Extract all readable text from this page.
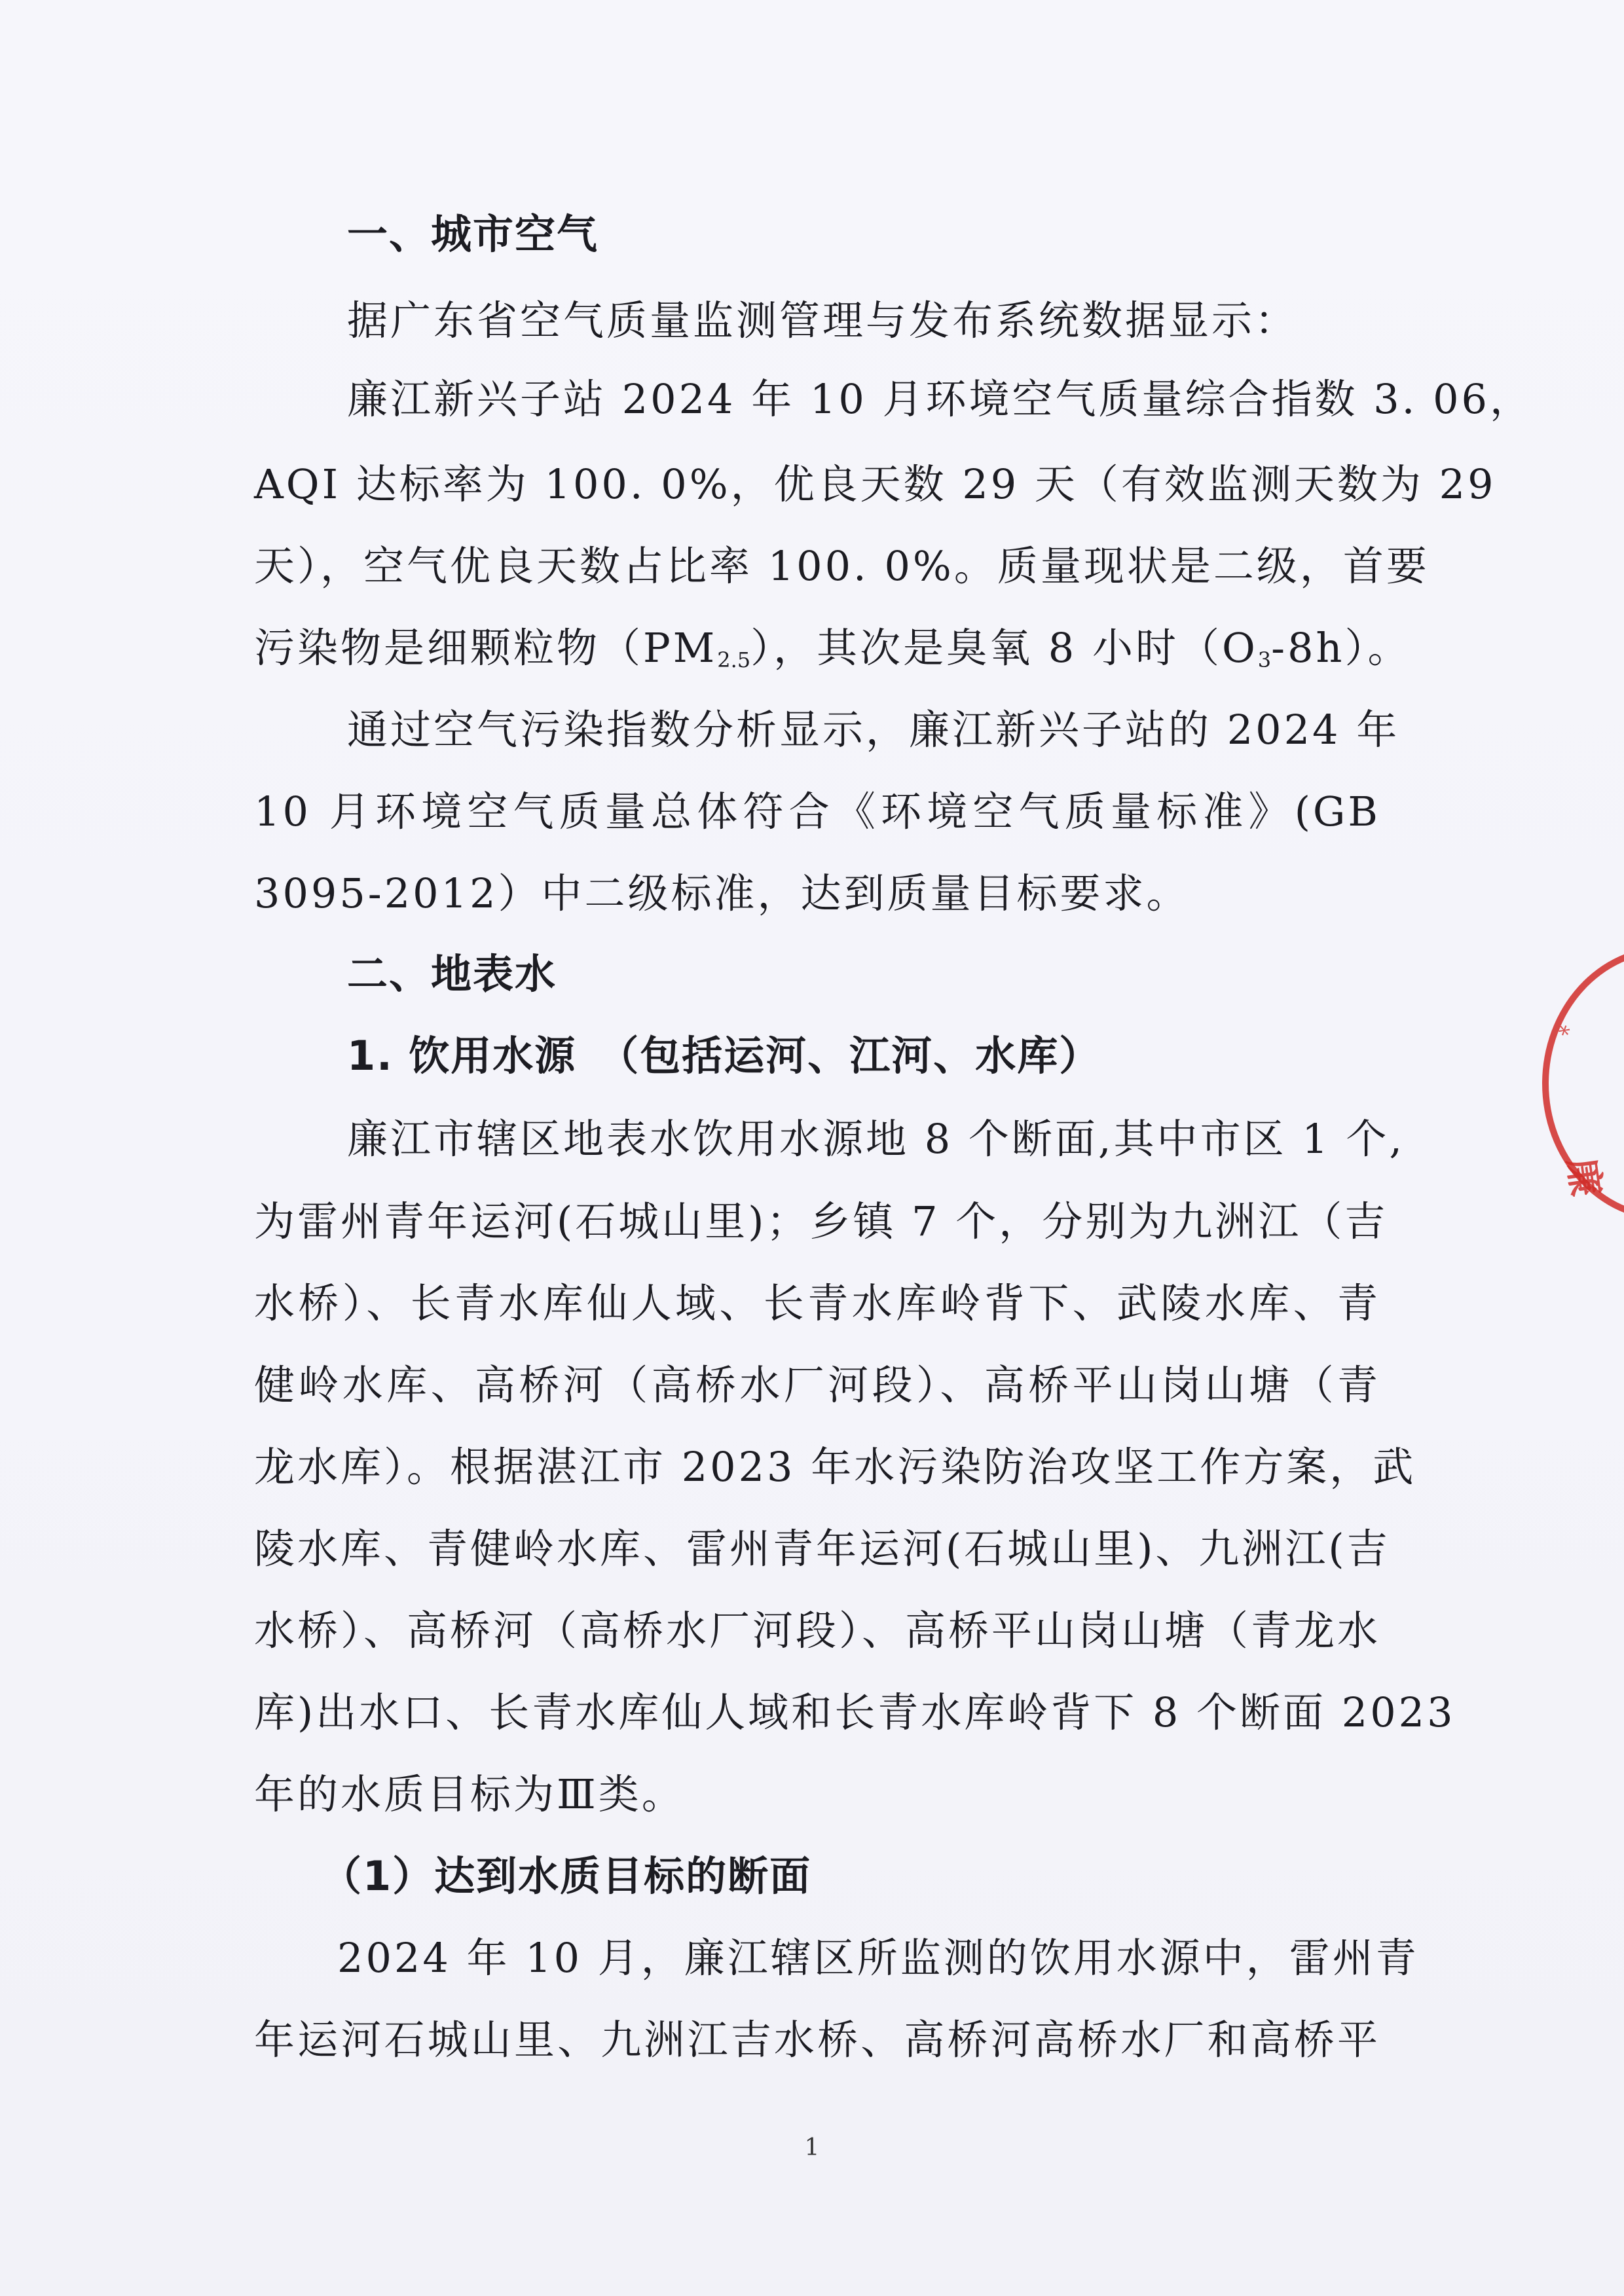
一、城市空气
据广东省空气质量监测管理与发布系统数据显示：
廉江新兴子站 2024 年 10 月环境空气质量综合指数 3. 06，
AQI 达标率为 100. 0%，优良天数 29 天（有效监测天数为 29
天），空气优良天数占比率 100. 0%。质量现状是二级，首要
污染物是细颗粒物$(PM_{2.5})$，其次是臭氧 8 小时$(O_3-8h)$。
通过空气污染指数分析显示，廉江新兴子站的 2024 年
10 月环境空气质量总体符合《环境空气质量标准》(GB
3095-2012）中二级标准，达到质量目标要求。
二、地表水
1. 饮用水源　（包括运河、江河、水库）
廉江市辖区地表水饮用水源地 8 个断面,其中市区 1 个,
为雷州青年运河(石城山里)；乡镇 7 个，分别为九洲江（吉
水桥）、长青水库仙人域、长青水库岭背下、武陵水库、青
健岭水库、高桥河（高桥水厂河段）、高桥平山岗山塘（青
龙水库）。根据湛江市 2023 年水污染防治攻坚工作方案，武
陵水库、青健岭水库、雷州青年运河(石城山里)、九洲江(吉
水桥）、高桥河（高桥水厂河段）、高桥平山岗山塘（青龙水
库)出水口、长青水库仙人域和长青水库岭背下 8 个断面 2023
年的水质目标为Ⅲ类。
（1）达到水质目标的断面
2024 年 10 月，廉江辖区所监测的饮用水源中，雷州青
年运河石城山里、九洲江吉水桥、高桥河高桥水厂和高桥平
1
*
廉
